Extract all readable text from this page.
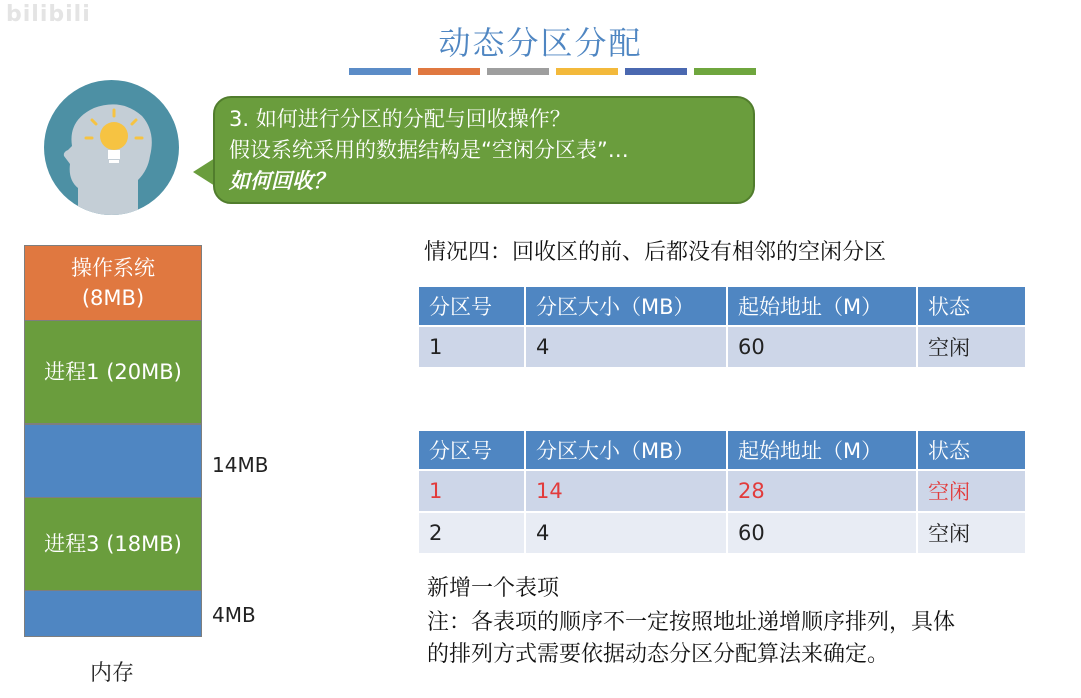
bilibili
动态分区分配
3. 如何进行分区的分配与回收操作？
假设系统采用的数据结构是“空闲分区表”…
如何回收？
操作系统
(8MB)
进程1 (20MB)
进程3 (18MB)
14MB
4MB
内存
情况四：回收区的前、后都没有相邻的空闲分区
分区号	分区大小（MB）	起始地址（M）	状态
1	4	60	空闲
分区号	分区大小（MB）	起始地址（M）	状态
1	14	28	空闲
2	4	60	空闲
新增一个表项
注：各表项的顺序不一定按照地址递增顺序排列，具体
的排列方式需要依据动态分区分配算法来确定。
